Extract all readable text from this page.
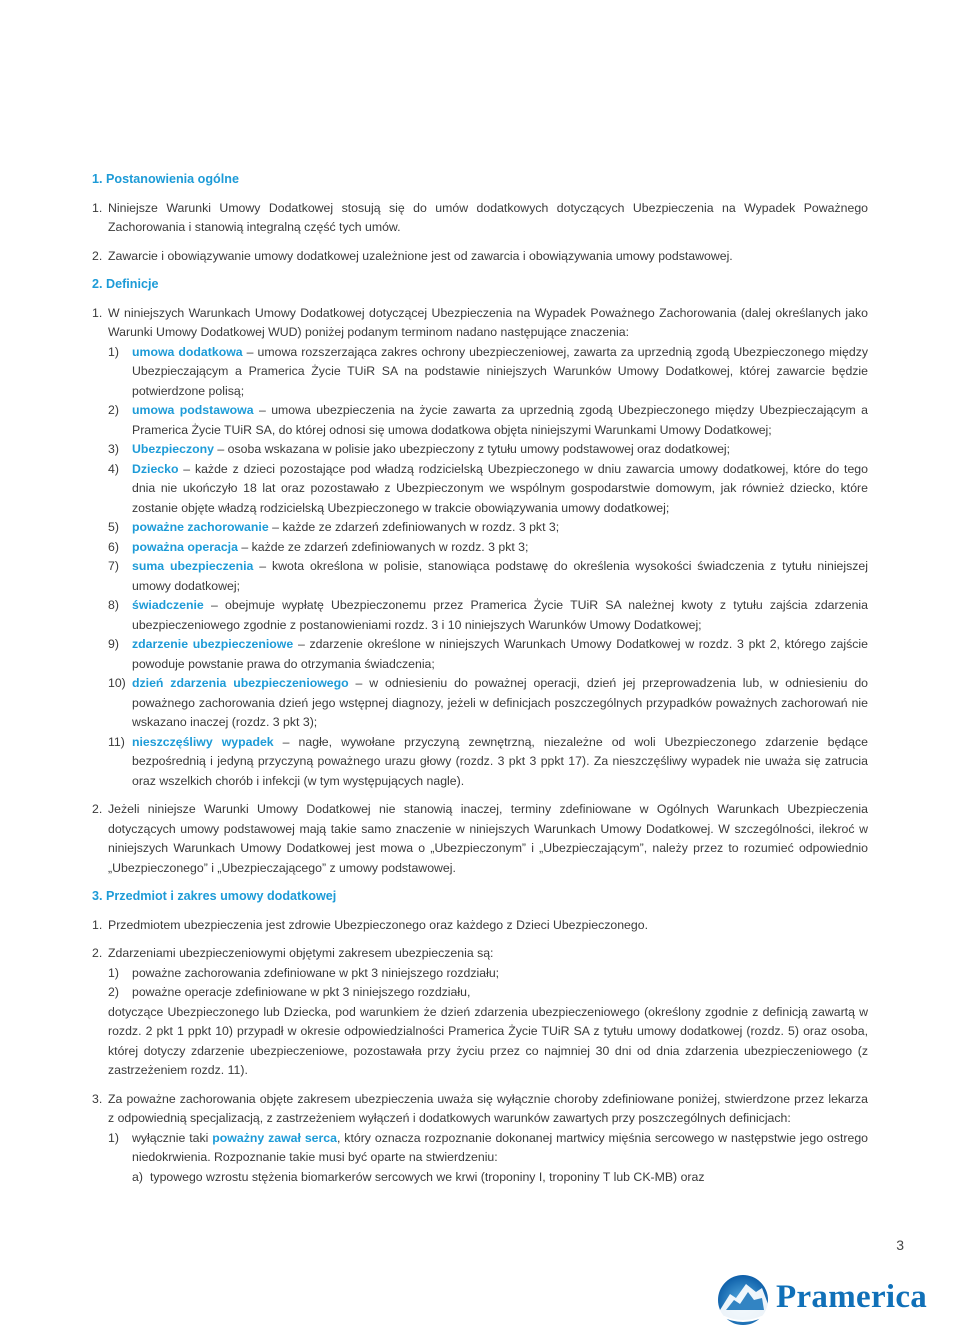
1. Postanowienia ogólne
1. Niniejsze Warunki Umowy Dodatkowej stosują się do umów dodatkowych dotyczących Ubezpieczenia na Wypadek Poważnego Zachorowania i stanowią integralną część tych umów.
2. Zawarcie i obowiązywanie umowy dodatkowej uzależnione jest od zawarcia i obowiązywania umowy podstawowej.
2. Definicje
1. W niniejszych Warunkach Umowy Dodatkowej dotyczącej Ubezpieczenia na Wypadek Poważnego Zachorowania (dalej określanych jako Warunki Umowy Dodatkowej WUD) poniżej podanym terminom nadano następujące znaczenia:
1)	umowa dodatkowa – umowa rozszerzająca zakres ochrony ubezpieczeniowej, zawarta za uprzednią zgodą Ubezpieczonego między Ubezpieczającym a Pramerica Życie TUiR SA na podstawie niniejszych Warunków Umowy Dodatkowej, której zawarcie będzie potwierdzone polisą;
2)	umowa podstawowa – umowa ubezpieczenia na życie zawarta za uprzednią zgodą Ubezpieczonego między Ubezpieczającym a Pramerica Życie TUiR SA, do której odnosi się umowa dodatkowa objęta niniejszymi Warunkami Umowy Dodatkowej;
3)	Ubezpieczony – osoba wskazana w polisie jako ubezpieczony z tytułu umowy podstawowej oraz dodatkowej;
4)	Dziecko – każde z dzieci pozostające pod władzą rodzicielską Ubezpieczonego w dniu zawarcia umowy dodatkowej, które do tego dnia nie ukończyło 18 lat oraz pozostawało z Ubezpieczonym we wspólnym gospodarstwie domowym, jak również dziecko, które zostanie objęte władzą rodzicielską Ubezpieczonego w trakcie obowiązywania umowy dodatkowej;
5)	poważne zachorowanie – każde ze zdarzeń zdefiniowanych w rozdz. 3 pkt 3;
6)	poważna operacja – każde ze zdarzeń zdefiniowanych w rozdz. 3 pkt 3;
7)	suma ubezpieczenia – kwota określona w polisie, stanowiąca podstawę do określenia wysokości świadczenia z tytułu niniejszej umowy dodatkowej;
8)	świadczenie – obejmuje wypłatę Ubezpieczonemu przez Pramerica Życie TUiR SA należnej kwoty z tytułu zajścia zdarzenia ubezpieczeniowego zgodnie z postanowieniami rozdz. 3 i 10 niniejszych Warunków Umowy Dodatkowej;
9)	zdarzenie ubezpieczeniowe – zdarzenie określone w niniejszych Warunkach Umowy Dodatkowej w rozdz. 3 pkt 2, którego zajście powoduje powstanie prawa do otrzymania świadczenia;
10) dzień zdarzenia ubezpieczeniowego – w odniesieniu do poważnej operacji, dzień jej przeprowadzenia lub, w odniesieniu do poważnego zachorowania dzień jego wstępnej diagnozy, jeżeli w definicjach poszczególnych przypadków poważnych zachorowań nie wskazano inaczej (rozdz. 3 pkt 3);
11) nieszczęśliwy wypadek – nagłe, wywołane przyczyną zewnętrzną, niezależne od woli Ubezpieczonego zdarzenie będące bezpośrednią i jedyną przyczyną poważnego urazu głowy (rozdz. 3 pkt 3 ppkt 17). Za nieszczęśliwy wypadek nie uważa się zatrucia oraz wszelkich chorób i infekcji (w tym występujących nagle).
2. Jeżeli niniejsze Warunki Umowy Dodatkowej nie stanowią inaczej, terminy zdefiniowane w Ogólnych Warunkach Ubezpieczenia dotyczących umowy podstawowej mają takie samo znaczenie w niniejszych Warunkach Umowy Dodatkowej. W szczególności, ilekroć w niniejszych Warunkach Umowy Dodatkowej jest mowa o „Ubezpieczonym” i „Ubezpieczającym”, należy przez to rozumieć odpowiednio „Ubezpieczonego” i „Ubezpieczającego” z umowy podstawowej.
3. Przedmiot i zakres umowy dodatkowej
1. Przedmiotem ubezpieczenia jest zdrowie Ubezpieczonego oraz każdego z Dzieci Ubezpieczonego.
2. Zdarzeniami ubezpieczeniowymi objętymi zakresem ubezpieczenia są:
1)	poważne zachorowania zdefiniowane w pkt 3 niniejszego rozdziału;
2)	poważne operacje zdefiniowane w pkt 3 niniejszego rozdziału,
dotyczące Ubezpieczonego lub Dziecka, pod warunkiem że dzień zdarzenia ubezpieczeniowego (określony zgodnie z definicją zawartą w rozdz. 2 pkt 1 ppkt 10) przypadł w okresie odpowiedzialności Pramerica Życie TUiR SA z tytułu umowy dodatkowej (rozdz. 5) oraz osoba, której dotyczy zdarzenie ubezpieczeniowe, pozostawała przy życiu przez co najmniej 30 dni od dnia zdarzenia ubezpieczeniowego (z zastrzeżeniem rozdz. 11).
3. Za poważne zachorowania objęte zakresem ubezpieczenia uważa się wyłącznie choroby zdefiniowane poniżej, stwierdzone przez lekarza z odpowiednią specjalizacją, z zastrzeżeniem wyłączeń i dodatkowych warunków zawartych przy poszczególnych definicjach:
1)	wyłącznie taki poważny zawał serca, który oznacza rozpoznanie dokonanej martwicy mięśnia sercowego w następstwie jego ostrego niedokrwienia. Rozpoznanie takie musi być oparte na stwierdzeniu:
a) typowego wzrostu stężenia biomarkerów sercowych we krwi (troponiny I, troponiny T lub CK-MB) oraz
3
Pramerica
